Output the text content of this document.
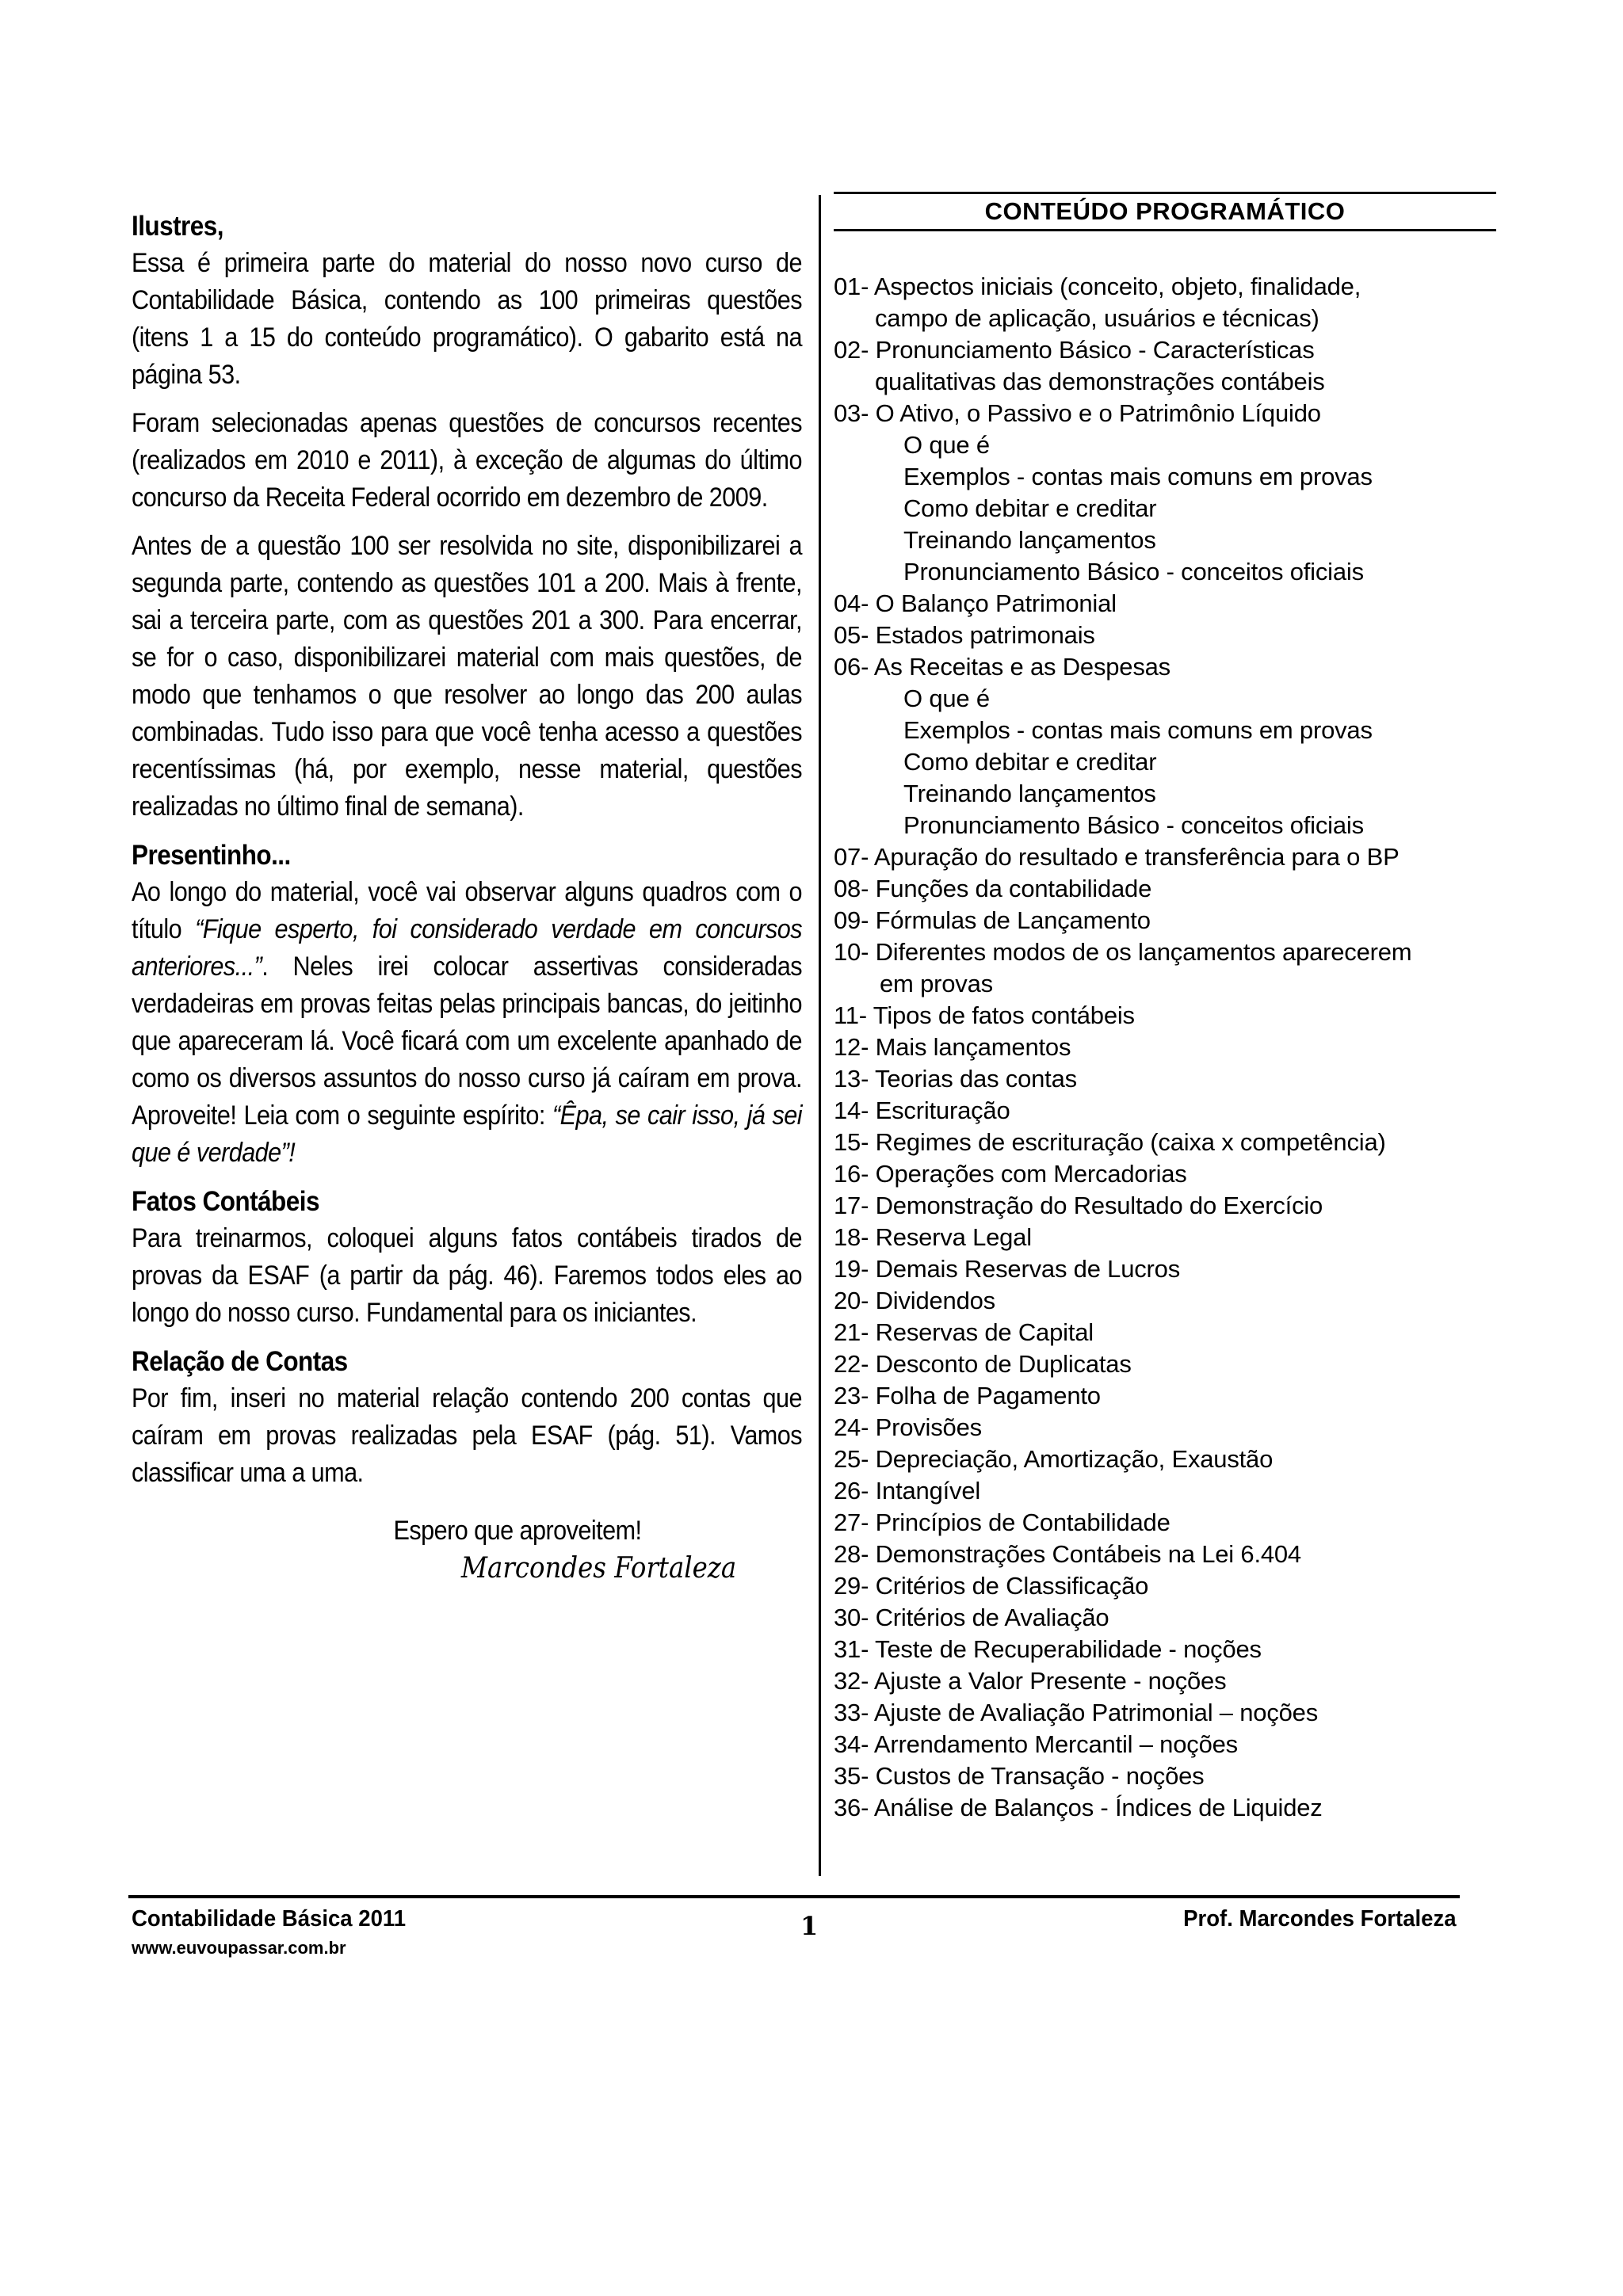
Ilustres,

Essa é primeira parte do material do nosso novo curso de Contabilidade Básica, contendo as 100 primeiras questões (itens 1 a 15 do conteúdo programático). O gabarito está na página 53.

Foram selecionadas apenas questões de concursos recentes (realizados em 2010 e 2011), à exceção de algumas do último concurso da Receita Federal ocorrido em dezembro de 2009.

Antes de a questão 100 ser resolvida no site, disponibilizarei a segunda parte, contendo as questões 101 a 200. Mais à frente, sai a terceira parte, com as questões 201 a 300. Para encerrar, se for o caso, disponibilizarei material com mais questões, de modo que tenhamos o que resolver ao longo das 200 aulas combinadas. Tudo isso para que você tenha acesso a questões recentíssimas (há, por exemplo, nesse material, questões realizadas no último final de semana).

Presentinho...

Ao longo do material, você vai observar alguns quadros com o título “Fique esperto, foi considerado verdade em concursos anteriores...”. Neles irei colocar assertivas consideradas verdadeiras em provas feitas pelas principais bancas, do jeitinho que apareceram lá. Você ficará com um excelente apanhado de como os diversos assuntos do nosso curso já caíram em prova. Aproveite! Leia com o seguinte espírito: “Êpa, se cair isso, já sei que é verdade”!

Fatos Contábeis

Para treinarmos, coloquei alguns fatos contábeis tirados de provas da ESAF (a partir da pág. 46). Faremos todos eles ao longo do nosso curso. Fundamental para os iniciantes.

Relação de Contas

Por fim, inseri no material relação contendo 200 contas que caíram em provas realizadas pela ESAF (pág. 51). Vamos classificar uma a uma.

Espero que aproveitem!
Marcondes Fortaleza
CONTEÚDO PROGRAMÁTICO
01- Aspectos iniciais (conceito, objeto, finalidade,
campo de aplicação, usuários e técnicas)
02- Pronunciamento Básico - Características
qualitativas das demonstrações contábeis
03- O Ativo, o Passivo e o Patrimônio Líquido
O que é
Exemplos - contas mais comuns em provas
Como debitar e creditar
Treinando lançamentos
Pronunciamento Básico - conceitos oficiais
04- O Balanço Patrimonial
05- Estados patrimonais
06- As Receitas e as Despesas
O que é
Exemplos - contas mais comuns em provas
Como debitar e creditar
Treinando lançamentos
Pronunciamento Básico - conceitos oficiais
07- Apuração do resultado e transferência para o BP
08- Funções da contabilidade
09- Fórmulas de Lançamento
10- Diferentes modos de os lançamentos aparecerem
em provas
11- Tipos de fatos contábeis
12- Mais lançamentos
13- Teorias das contas
14- Escrituração
15- Regimes de escrituração (caixa x competência)
16- Operações com Mercadorias
17- Demonstração do Resultado do Exercício
18- Reserva Legal
19- Demais Reservas de Lucros
20- Dividendos
21- Reservas de Capital
22- Desconto de Duplicatas
23- Folha de Pagamento
24- Provisões
25- Depreciação, Amortização, Exaustão
26- Intangível
27- Princípios de Contabilidade
28- Demonstrações Contábeis na Lei 6.404
29- Critérios de Classificação
30- Critérios de Avaliação
31- Teste de Recuperabilidade - noções
32- Ajuste a Valor Presente - noções
33- Ajuste de Avaliação Patrimonial – noções
34- Arrendamento Mercantil – noções
35- Custos de Transação - noções
36- Análise de Balanços - Índices de Liquidez
Contabilidade Básica 2011
www.euvoupassar.com.br
1	Prof. Marcondes Fortaleza
